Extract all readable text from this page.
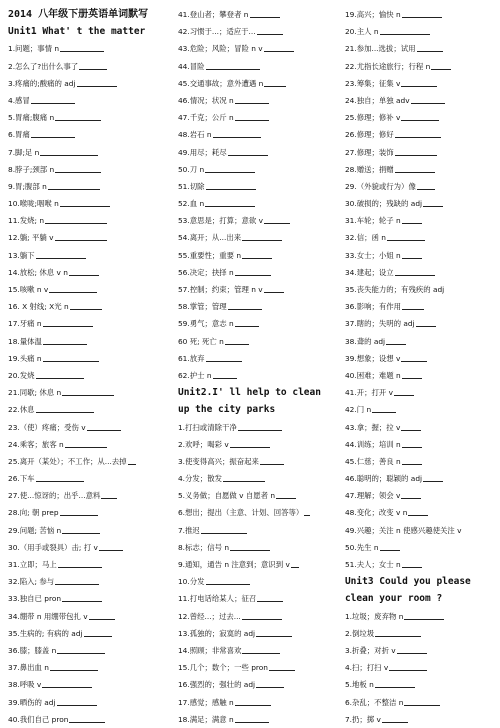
2014 八年级下册英语单词默写
Unit1 What' t the matter
1.问题；事情 n
2.怎么了?出什么事了
3.疼痛的;酸痛的 adj
4.感冒
5.胃痛;腹痛 n
6.胃痛
7.脚;足 n
8.脖子;颈部 n
9.胃;腹部 n
10.喉咙;咽喉 n
11.发烧; n
12.躺; 平躺 v
13.躺下
14.放松; 休息 v n
15.咳嗽 n v
16. X 射线; X光 n
17.牙痛 n
18.量体温
19.头痛 n
20.发烧
21.同歇; 休息 n
22.休息
23.（使）疼痛；受伤 v
24.乘客；旅客 n
25.离开（某处）；不工作；从...去掉
26.下车
27.使...惊讶的；出乎...意料
28.向; 朝 prep
29.问题; 苦恼 n
30.（用手或裂具）击; 打 v
31.立即；马上
32.陷入; 参与
33.独自已 pron
34.绷带 n 用绷带包扎 v
35.生病的; 有病的 adj
36.膝；膝盖 n
37.鼻出血 n
38.呼吸 v
39.晒伤的 adj
40.我们自己 pron
41.登山者；攀登者 n
42.习惯于...；适应于...
43.危险；风险；冒险 n v
44.冒险
45.交通事故；意外遭遇 n
46.情况；状况 n
47.千克；公斤 n
48.岩石 n
49.用尽；耗尽
50.刀 n
51.切除
52.血 n
53.意思是；打算；意欲 v
54.离开；从...出来
55.重要性；重要 n
56.决定；抉择 n
57.控制；约束；管理 n v
58.掌管；管理
59.勇气；意志 n
60 死; 死亡 n
61.放弃
62.护士 n
Unit2.I' ll help to clean up the city parks
1.打扫或清除干净
2.欢呼；喝彩 v
3.使变得高兴；振奋起来
4.分发；散发
5.义务做；自愿做 v 自愿者 n
6.想出；提出（主意、计划、回答等）
7.推迟
8.标志；信号 n
9.通知，通告 n 注意到；意识到 v
10.分发
11.打电话给某人；征召
12.曾经...；过去...
13.孤独的；寂寞的 adj
14.照顾；非常喜欢
15.几个；数个；一些 pron
16.强烈的；强壮的 adj
17.感觉；感触 n
18.满足；满意 n
19.高兴；愉快 n
20.主人 n
21.参加...选拔；试用
22.尤指长途旅行；行程 n
23.筹集；征集 v
24.独自；单独 adv
25.修理；修补 v
26.修理；修好
27.修理；装饰
28.赠送；捐赠
29.（外貌或行为）像
30.破损的；残缺的 adj
31.车轮；轮子 n
32.信；函 n
33.女士；小姐 n
34.建起；设立
35.丧失能力的；有残疾的 adj
36.影响；有作用
37.瞎的；失明的 adj
38.聋的 adj
39.想象；设想 v
40.困难；难题 n
41.开；打开 v
42.门 n
43.拿；握；拉 v
44.训练；培训 n
45.仁慈；善良 n
46.聪明的；聪颖的 adj
47.理解；领会 v
48.变化；改变 v n
49.兴趣；关注 n 使感兴趣使关注 v
50.先生 n
51.夫人；女士 n
Unit3 Could you please clean your room ?
1.垃圾；废弃物 n
2.倒垃圾
3.折叠；对折 v
4.扫；打扫 v
5.地板 n
6.杂乱；不整洁 n
7.扔；掷 v
